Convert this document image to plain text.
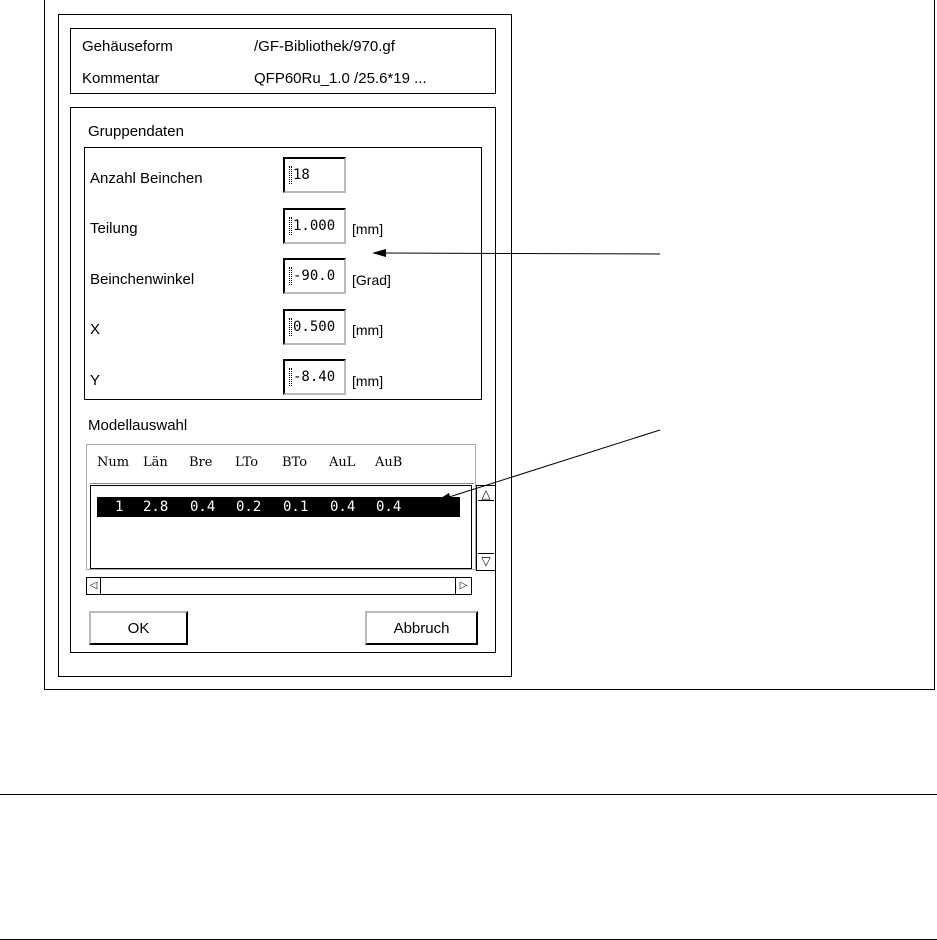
Gehäuseform	/GF-Bibliothek/970.gf
Kommentar	QFP60Ru_1.0 /25.6*19 ...
Gruppendaten
Anzahl Beinchen	18
Teilung	1.000 [mm]
Beinchenwinkel	-90.0 [Grad]
X	0.500 [mm]
Y	-8.40 [mm]
Modellauswahl
Num Län Bre LTo BTo AuL AuB
1 2.8 0.4 0.2 0.1 0.4 0.4
△
▽
◁	▷
OK	Abbruch
